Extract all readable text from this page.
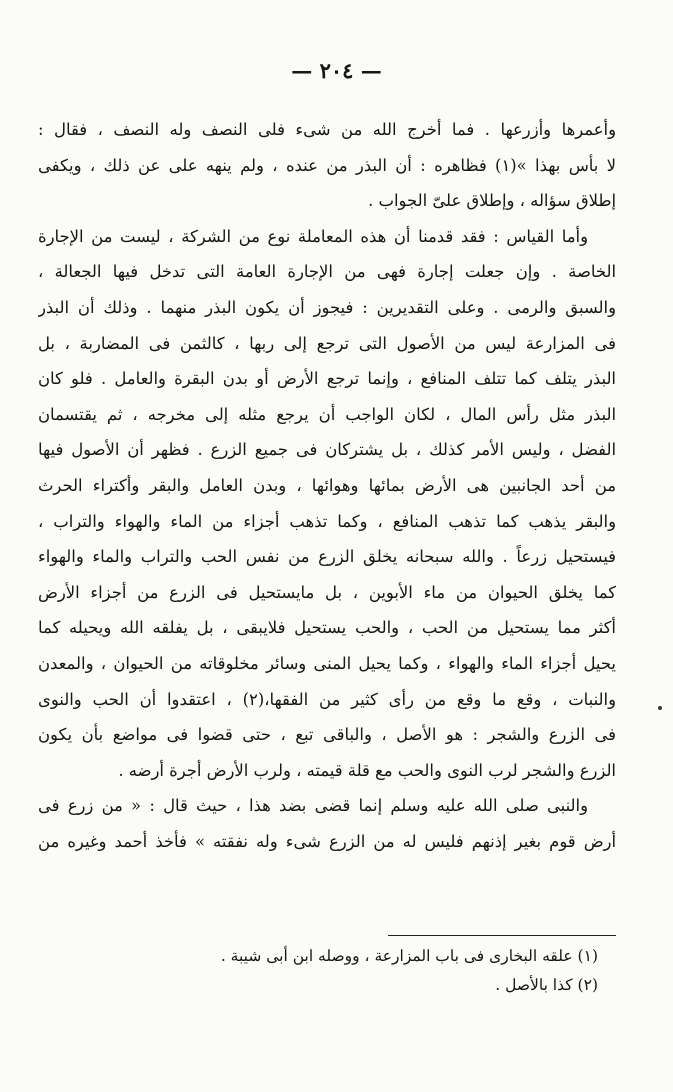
— ٢٠٤ —
وأعمرها وأزرعها . فما أخرج الله من شىء فلى النصف وله النصف ، فقال :
لا بأس بهذا »(١) فظاهره : أن البذر من عنده ، ولم ينهه على عن ذلك ، ويكفى
إطلاق سؤاله ، وإطلاق علىّ الجواب .
وأما القياس : فقد قدمنا أن هذه المعاملة نوع من الشركة ، ليست من الإجارة
الخاصة . وإن جعلت إجارة فهى من الإجارة العامة التى تدخل فيها الجعالة ،
والسبق والرمى . وعلى التقديرين : فيجوز أن يكون البذر منهما . وذلك أن البذر
فى المزارعة ليس من الأصول التى ترجع إلى ربها ، كالثمن فى المضاربة ، بل
البذر يتلف كما تتلف المنافع ، وإنما ترجع الأرض أو بدن البقرة والعامل . فلو كان
البذر مثل رأس المال ، لكان الواجب أن يرجع مثله إلى مخرجه ، ثم يقتسمان
الفضل ، وليس الأمر كذلك ، بل يشتركان فى جميع الزرع . فظهر أن الأصول فيها
من أحد الجانبين هى الأرض بمائها وهوائها ، وبدن العامل والبقر وأكتراء الحرث
والبقر يذهب كما تذهب المنافع ، وكما تذهب أجزاء من الماء والهواء والتراب ،
فيستحيل زرعاً . والله سبحانه يخلق الزرع من نفس الحب والتراب والماء والهواء
كما يخلق الحيوان من ماء الأبوين ، بل مايستحيل فى الزرع من أجزاء الأرض
أكثر مما يستحيل من الحب ، والحب يستحيل فلايبقى ، بل يفلقه الله ويحيله كما
يحيل أجزاء الماء والهواء ، وكما يحيل المنى وسائر مخلوقاته من الحيوان ، والمعدن
والنبات ، وقع ما وقع من رأى كثير من الفقها،(٢) ، اعتقدوا أن الحب والنوى
فى الزرع والشجر : هو الأصل ، والباقى تبع ، حتى قضوا فى مواضع بأن يكون
الزرع والشجر لرب النوى والحب مع قلة قيمته ، ولرب الأرض أجرة أرضه .
والنبى صلى الله عليه وسلم إنما قضى بضد هذا ، حيث قال : « من زرع فى
أرض قوم بغير إذنهم فليس له من الزرع شىء وله نفقته » فأخذ أحمد وغيره من
(١) علقه البخارى فى باب المزارعة ، ووصله ابن أبى شيبة .
(٢) كذا بالأصل .
